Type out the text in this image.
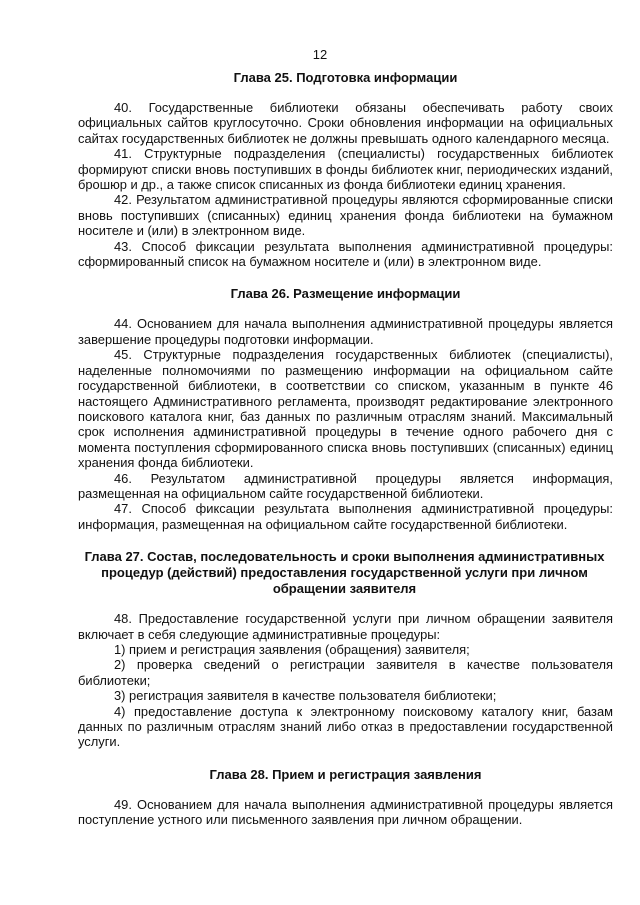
12

Глава 25. Подготовка информации

40. Государственные библиотеки обязаны обеспечивать работу своих официальных сайтов круглосуточно. Сроки обновления информации на официальных сайтах государственных библиотек не должны превышать одного календарного месяца.

41. Структурные подразделения (специалисты) государственных библиотек формируют списки вновь поступивших в фонды библиотек книг, периодических изданий, брошюр и др., а также список списанных из фонда библиотеки единиц хранения.

42. Результатом административной процедуры являются сформированные списки вновь поступивших (списанных) единиц хранения фонда библиотеки на бумажном носителе и (или) в электронном виде.

43. Способ фиксации результата выполнения административной процедуры: сформированный список на бумажном носителе и (или) в электронном виде.

Глава 26. Размещение информации

44. Основанием для начала выполнения административной процедуры является завершение процедуры подготовки информации.

45. Структурные подразделения государственных библиотек (специалисты), наделенные полномочиями по размещению информации на официальном сайте государственной библиотеки, в соответствии со списком, указанным в пункте 46 настоящего Административного регламента, производят редактирование электронного поискового каталога книг, баз данных по различным отраслям знаний. Максимальный срок исполнения административной процедуры в течение одного рабочего дня с момента поступления сформированного списка вновь поступивших (списанных) единиц хранения фонда библиотеки.

46. Результатом административной процедуры является информация, размещенная на официальном сайте государственной библиотеки.

47. Способ фиксации результата выполнения административной процедуры: информация, размещенная на официальном сайте государственной библиотеки.

Глава 27. Состав, последовательность и сроки выполнения административных процедур (действий) предоставления государственной услуги при личном обращении заявителя

48. Предоставление государственной услуги при личном обращении заявителя включает в себя следующие административные процедуры:

1) прием и регистрация заявления (обращения) заявителя;

2) проверка сведений о регистрации заявителя в качестве пользователя библиотеки;

3) регистрация заявителя в качестве пользователя библиотеки;

4) предоставление доступа к электронному поисковому каталогу книг, базам данных по различным отраслям знаний либо отказ в предоставлении государственной услуги.

Глава 28. Прием и регистрация заявления

49. Основанием для начала выполнения административной процедуры является поступление устного или письменного заявления при личном обращении.
